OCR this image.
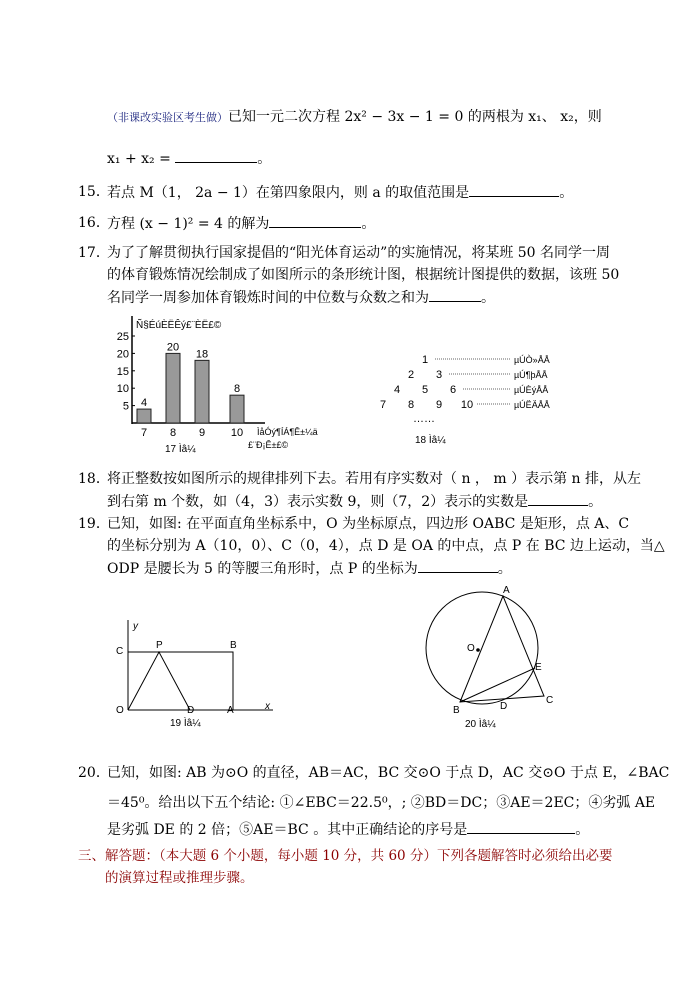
（非课改实验区考生做）已知一元二次方程 2x² − 3x − 1 = 0 的两根为 x₁、 x₂，则
x₁ + x₂ =	。
15．
若点 M（1， 2a − 1）在第四象限内，则 a 的取值范围是	。
16．
方程 (x − 1)² = 4 的解为	。
17．
为了了解贯彻执行国家提倡的“阳光体育运动”的实施情况，将某班 50 名同学一周
的体育锻炼情况绘制成了如图所示的条形统计图，根据统计图提供的数据，该班 50
名同学一周参加体育锻炼时间的中位数与众数之和为	。
Ñ§ÉúÈËÊý£¨ÈË£©
25
20
15
10
5 4
7
20
8
18
9
8
10 ÌåÓý¶ÍÁ¶Ê±¼ä
£¨Ð¡Ê±£©
17 Ìâ¼
1	µÚÒ»ÅÅ
2 3	µÚ¶þÅÅ
4 5 6	µÚÈýÅÅ
7 8 9 10	µÚËÄÅÅ
……
18 Ìâ¼
18．
将正整数按如图所示的规律排列下去。若用有序实数对（ n ， m ）表示第 n 排，从左
到右第 m 个数，如（4，3）表示实数 9，则（7，2）表示的实数是	。
19．
已知，如图: 在平面直角坐标系中，O 为坐标原点，四边形 OABC 是矩形，点 A、C
的坐标分别为 A（10，0）、C（0，4），点 D 是 OA 的中点，点 P 在 BC 边上运动，当△
ODP 是腰长为 5 的等腰三角形时，点 P 的坐标为	。
y
x
C
P	B
O	D	A
19 Ìâ¼
A
O
E
C
B	D
20 Ìâ¼
20．
已知，如图: AB 为⊙O 的直径，AB＝AC，BC 交⊙O 于点 D，AC 交⊙O 于点 E，∠BAC
＝45⁰。给出以下五个结论: ①∠EBC＝22.5⁰，; ②BD＝DC；③AE＝2EC；④劣弧 AE
是劣弧 DE 的 2 倍；⑤AE＝BC 。其中正确结论的序号是	。
三、解答题：（本大题 6 个小题，每小题 10 分，共 60 分）下列各题解答时必须给出必要
的演算过程或推理步骤。
